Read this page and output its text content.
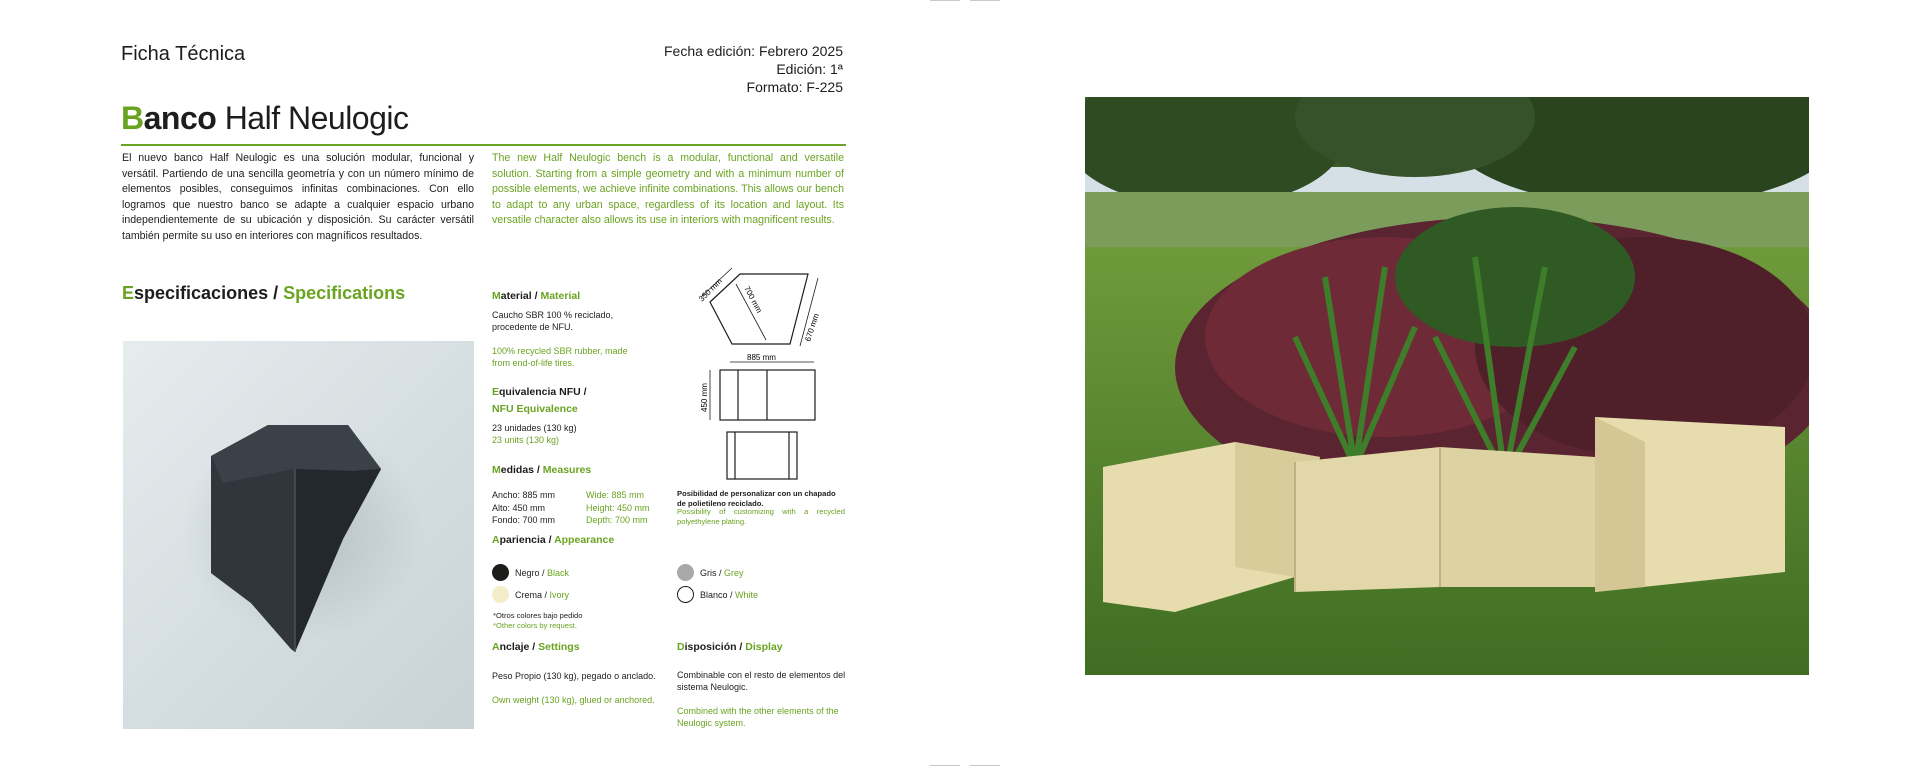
Ficha Técnica	Fecha edición: Febrero 2025
Edición: 1ª
Formato: F-225
Banco Half Neulogic

El nuevo banco Half Neulogic es una solución modular, funcional y versátil. Partiendo de una sencilla geometría y con un número mínimo de elementos posibles, conseguimos infinitas combinaciones. Con ello logramos que nuestro banco se adapte a cualquier espacio urbano independientemente de su ubicación y disposición. Su carácter versátil también permite su uso en interiores con magníficos resultados.

The new Half Neulogic bench is a modular, functional and versatile solution. Starting from a simple geometry and with a minimum number of possible elements, we achieve infinite combinations. This allows our bench to adapt to any urban space, regardless of its location and layout. Its versatile character also allows its use in interiors with magnificent results.

Especificaciones / Specifications	Material / Material
Caucho SBR 100 % reciclado, procedente de NFU.
100% recycled SBR rubber, made from end-of-life tires.
Equivalencia NFU /
NFU Equivalence
23 unidades (130 kg)
23 units (130 kg)
Medidas / Measures
Ancho: 885 mm
Alto: 450 mm
Fondo: 700 mm
Wide: 885 mm
Height: 450 mm
Depth: 700 mm
350 mm 700 mm
670 mm
885 mm
450 mm
Posibilidad de personalizar con un chapado de polietileno reciclado.
Possibility of customizing with a recycled polyethylene plating.
Apariencia / Appearance
Negro / Black
Crema / Ivory
Gris / Grey
Blanco / White
*Otros colores bajo pedido
*Other colors by request.
Anclaje / Settings
Peso Propio (130 kg), pegado o anclado.
Own weight (130 kg), glued or anchored.
Disposición / Display
Combinable con el resto de elementos del sistema Neulogic.
Combined with the other elements of the Neulogic system.
